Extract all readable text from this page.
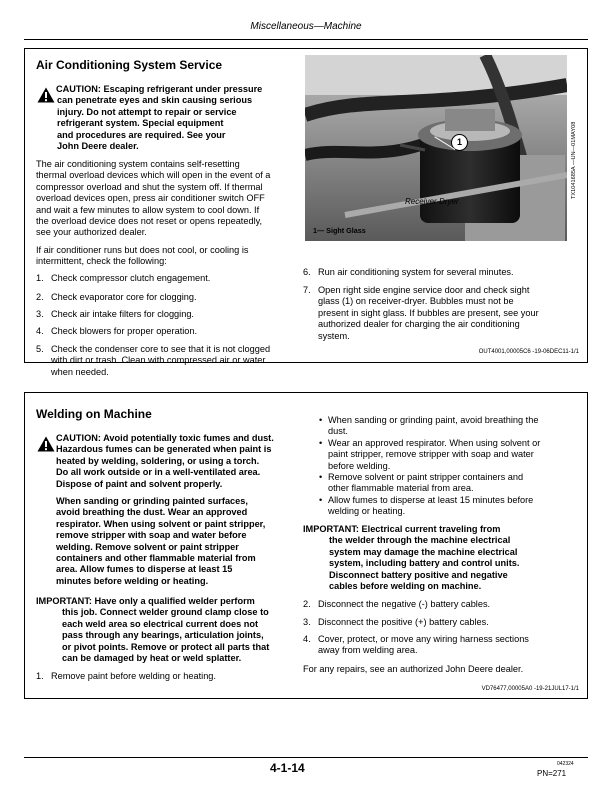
Miscellaneous—Machine
Air Conditioning System Service
CAUTION: Escaping refrigerant under pressure
can penetrate eyes and skin causing serious
injury. Do not attempt to repair or service
refrigerant system. Special equipment
and procedures are required. See your
John Deere dealer.
The air conditioning system contains self-resetting
thermal overload devices which will open in the event of a
compressor overload and shut the system off. If thermal
overload devices open, press air conditioner switch OFF
and wait a few minutes to allow system to cool down. If
the overload device does not reset or opens repeatedly,
see your authorized dealer.
If air conditioner runs but does not cool, or cooling is
intermittent, check the following:
1. Check compressor clutch engagement.
2. Check evaporator core for clogging.
3. Check air intake filters for clogging.
4. Check blowers for proper operation.
5. Check the condenser core to see that it is not clogged
with dirt or trash. Clean with compressed air or water
when needed.
1	TX1041685A —UN—01MAY08
Receiver-Dryer
1— Sight Glass
6. Run air conditioning system for several minutes.
7. Open right side engine service door and check sight
glass (1) on receiver-dryer. Bubbles must not be
present in sight glass. If bubbles are present, see your
authorized dealer for charging the air conditioning
system.
OUT4001,00005C6 -19-06DEC11-1/1
Welding on Machine
CAUTION: Avoid potentially toxic fumes and dust.
Hazardous fumes can be generated when paint is
heated by welding, soldering, or using a torch.
Do all work outside or in a well-ventilated area.
Dispose of paint and solvent properly.
When sanding or grinding painted surfaces,
avoid breathing the dust. Wear an approved
respirator. When using solvent or paint stripper,
remove stripper with soap and water before
welding. Remove solvent or paint stripper
containers and other flammable material from
area. Allow fumes to disperse at least 15
minutes before welding or heating.
IMPORTANT: Have only a qualified welder perform
this job. Connect welder ground clamp close to
each weld area so electrical current does not
pass through any bearings, articulation joints,
or pivot points. Remove or protect all parts that
can be damaged by heat or weld splatter.
1. Remove paint before welding or heating.
• When sanding or grinding paint, avoid breathing the
dust.
• Wear an approved respirator. When using solvent or
paint stripper, remove stripper with soap and water
before welding.
• Remove solvent or paint stripper containers and
other flammable material from area.
• Allow fumes to disperse at least 15 minutes before
welding or heating.
IMPORTANT: Electrical current traveling from
the welder through the machine electrical
system may damage the machine electrical
system, including battery and control units.
Disconnect battery positive and negative
cables before welding on machine.
2. Disconnect the negative (-) battery cables.
3. Disconnect the positive (+) battery cables.
4. Cover, protect, or move any wiring harness sections
away from welding area.
For any repairs, see an authorized John Deere dealer.
VD76477,00005A0 -19-21JUL17-1/1
4-1-14	042324
PN=271
